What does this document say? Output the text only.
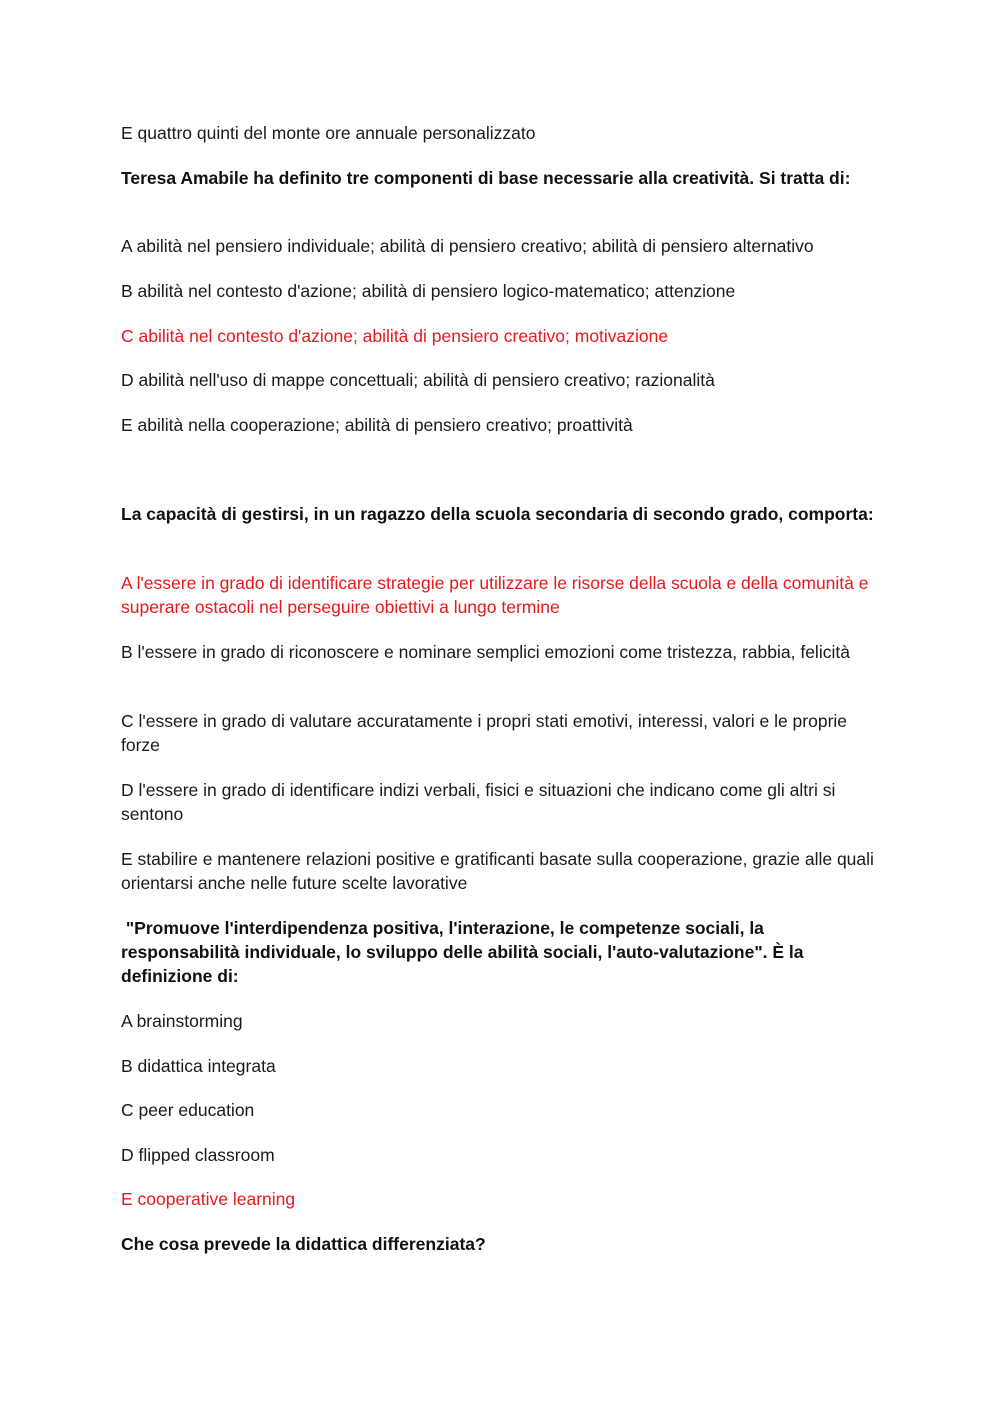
E quattro quinti del monte ore annuale personalizzato

Teresa Amabile ha definito tre componenti di base necessarie alla creatività. Si tratta di:

A abilità nel pensiero individuale; abilità di pensiero creativo; abilità di pensiero alternativo

B abilità nel contesto d'azione; abilità di pensiero logico-matematico; attenzione

C abilità nel contesto d'azione; abilità di pensiero creativo; motivazione

D abilità nell'uso di mappe concettuali; abilità di pensiero creativo; razionalità

E abilità nella cooperazione; abilità di pensiero creativo; proattività

La capacità di gestirsi, in un ragazzo della scuola secondaria di secondo grado, comporta:

A l'essere in grado di identificare strategie per utilizzare le risorse della scuola e della comunità e superare ostacoli nel perseguire obiettivi a lungo termine

B l'essere in grado di riconoscere e nominare semplici emozioni come tristezza, rabbia, felicità

C l'essere in grado di valutare accuratamente i propri stati emotivi, interessi, valori e le proprie forze

D l'essere in grado di identificare indizi verbali, fisici e situazioni che indicano come gli altri si sentono

E stabilire e mantenere relazioni positive e gratificanti basate sulla cooperazione, grazie alle quali orientarsi anche nelle future scelte lavorative

"Promuove l'interdipendenza positiva, l'interazione, le competenze sociali, la responsabilità individuale, lo sviluppo delle abilità sociali, l'auto-valutazione". È la definizione di:

A brainstorming

B didattica integrata

C peer education

D flipped classroom

E cooperative learning

Che cosa prevede la didattica differenziata?
